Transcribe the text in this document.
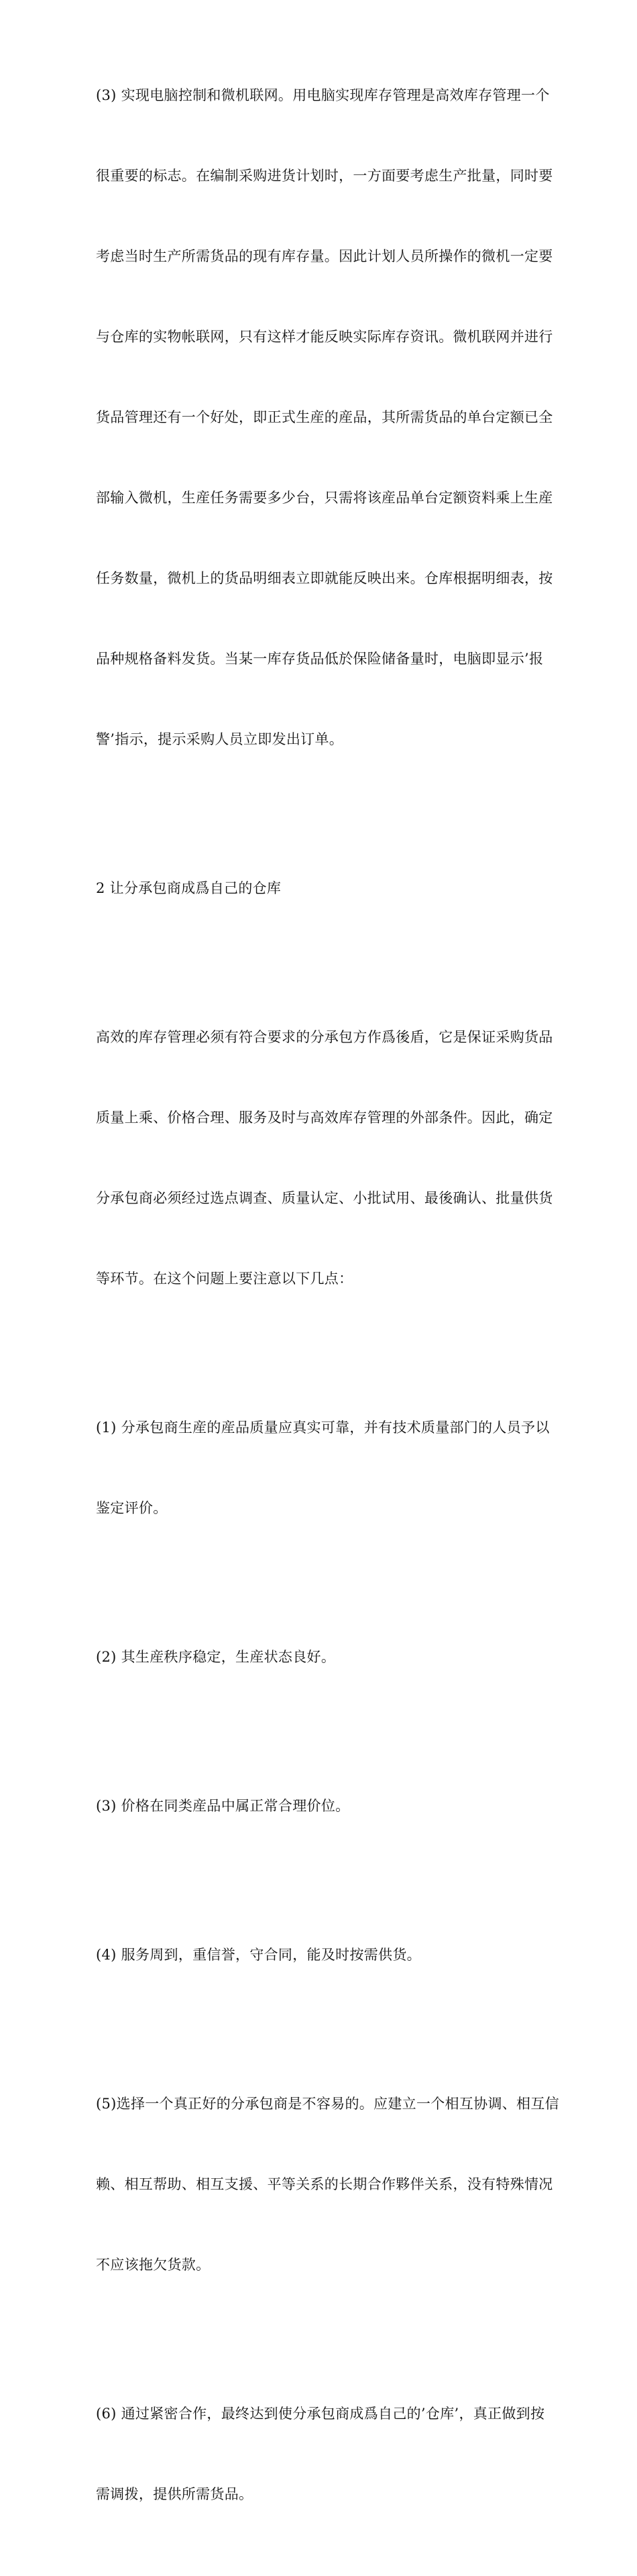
(3) 实现电脑控制和微机联网。用电脑实现库存管理是高效库存管理一个

很重要的标志。在编制采购进货计划时，一方面要考虑生产批量，同时要

考虑当时生产所需货品的现有库存量。因此计划人员所操作的微机一定要

与仓库的实物帐联网，只有这样才能反映实际库存资讯。微机联网并进行

货品管理还有一个好处，即正式生産的産品，其所需货品的单台定额已全

部输入微机，生産任务需要多少台，只需将该産品单台定额资料乘上生産

任务数量，微机上的货品明细表立即就能反映出来。仓库根据明细表，按

品种规格备料发货。当某一库存货品低於保险储备量时，电脑即显示’报

警’指示，提示采购人员立即发出订单。

2 让分承包商成爲自己的仓库

高效的库存管理必须有符合要求的分承包方作爲後盾，它是保证采购货品

质量上乘、价格合理、服务及时与高效库存管理的外部条件。因此，确定

分承包商必须经过选点调查、质量认定、小批试用、最後确认、批量供货

等环节。在这个问题上要注意以下几点：

(1) 分承包商生産的産品质量应真实可靠，并有技术质量部门的人员予以

鉴定评价。

(2) 其生産秩序稳定，生産状态良好。

(3) 价格在同类産品中属正常合理价位。

(4) 服务周到，重信誉，守合同，能及时按需供货。

(5)选择一个真正好的分承包商是不容易的。应建立一个相互协调、相互信

赖、相互帮助、相互支援、平等关系的长期合作夥伴关系，没有特殊情况

不应该拖欠货款。

(6) 通过紧密合作，最终达到使分承包商成爲自己的’仓库’，真正做到按

需调拨，提供所需货品。
